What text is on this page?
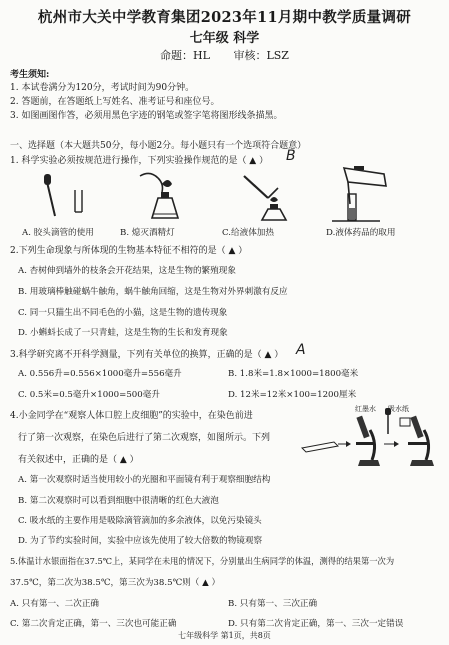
杭州市大关中学教育集团2023年11月期中教学质量调研
七年级 科学
命题：HL 审核：LSZ
考生须知:
1. 本试卷满分为120分，考试时间为90分钟。
2. 答题前，在答题纸上写姓名、准考证号和座位号。
3. 如图画图作答，必须用黑色字迹的钢笔或签字笔将图形线条描黑。
一、选择题（本大题共50分，每小题2分。每小题只有一个选项符合题意）
1. 科学实验必须按规范进行操作，下列实验操作规范的是（ ▲ ） B
A. 胶头滴管的使用	B. 熄灭酒精灯	C.给液体加热	D.液体药品的取用
2.下列生命现象与所体现的生物基本特征不相符的是（ ▲ ）
A. 杏树伸到墙外的枝条会开花结果，这是生物的繁殖现象
B. 用玻璃棒触碰蜗牛触角，蜗牛触角回缩，这是生物对外界刺激有反应
C. 同一只猫生出不同毛色的小猫，这是生物的遗传现象
D. 小蝌蚪长成了一只青蛙，这是生物的生长和发育现象
3.科学研究离不开科学测量，下列有关单位的换算，正确的是（ ▲ ） A
A. 0.556升=0.556×1000毫升=556毫升	B. 1.8米=1.8×1000=1800毫米
C. 0.5米=0.5毫升×1000=500毫升	D. 12米=12米×100=1200厘米
4.小金同学在“观察人体口腔上皮细胞”的实验中，在染色前进
行了第一次观察，在染色后进行了第二次观察，如图所示。下列
有关叙述中，正确的是（ ▲ ）
红墨水 吸水纸
A. 第一次观察时适当使用较小的光圈和平面镜有利于观察细胞结构
B. 第二次观察时可以看到细胞中很清晰的红色大液泡
C. 吸水纸的主要作用是吸除滴管滴加的多余液体，以免污染镜头
D. 为了节约实验时间，实验中应该先使用了较大倍数的物镜观察
5.体温计水银面指在37.5℃上，某同学在未甩的情况下，分别量出生病同学的体温，测得的结果第一次为
37.5℃，第二次为38.5℃，第三次为38.5℃则（ ▲ ）
A. 只有第一、二次正确	B. 只有第一、三次正确
C. 第二次肯定正确，第一、三次也可能正确	D. 只有第二次肯定正确，第一、三次一定错误
七年级科学 第1页，共8页
